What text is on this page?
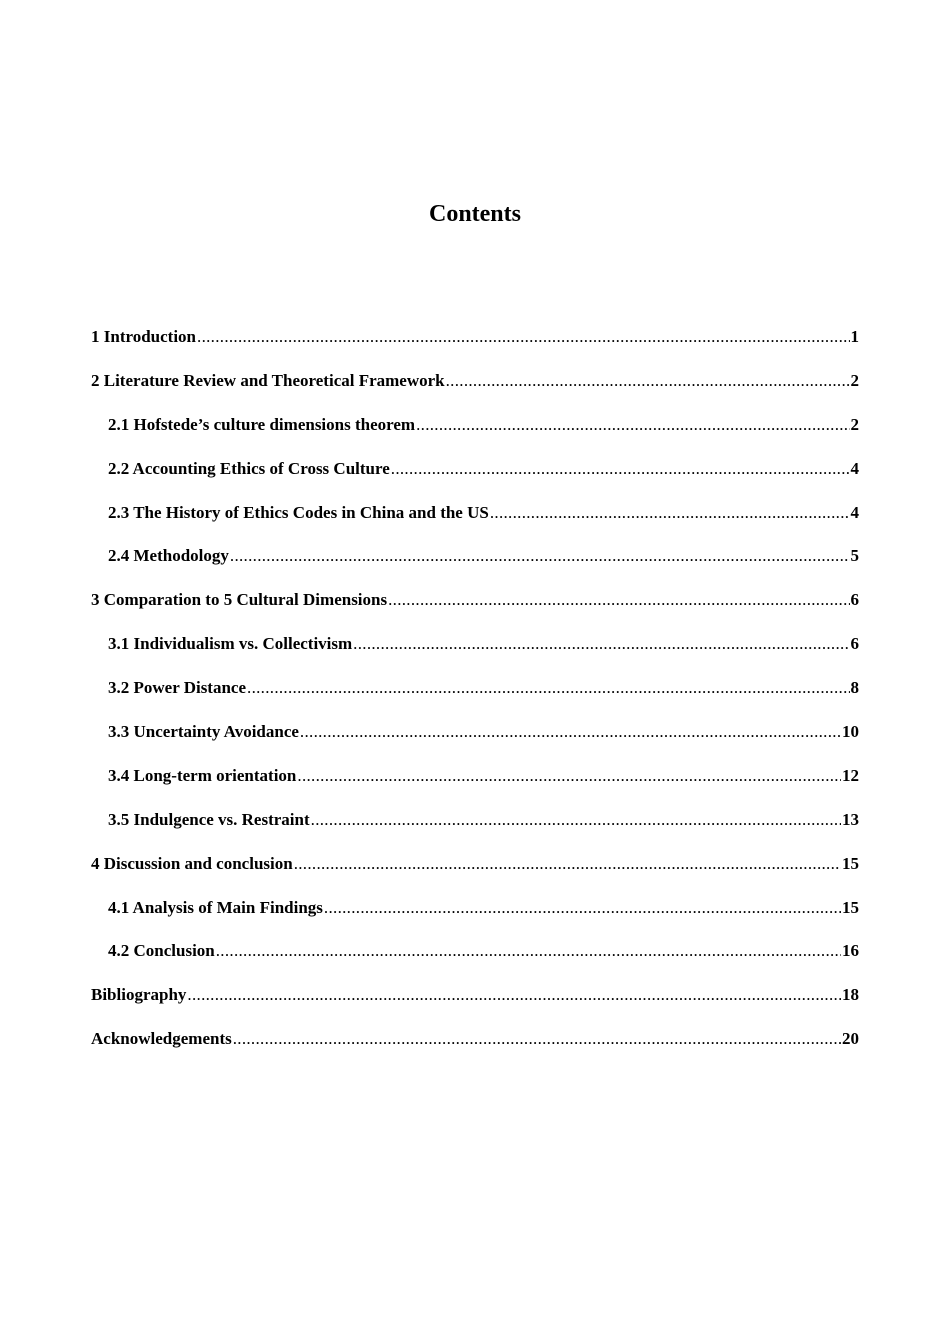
Contents
1 Introduction .....	1
2 Literature Review and Theoretical Framework .....	2
2.1 Hofstede’s culture dimensions theorem .....	2
2.2 Accounting Ethics of Cross Culture .....	4
2.3 The History of Ethics Codes in China and the US .....	4
2.4 Methodology .....	5
3 Comparation to 5 Cultural Dimensions .....	6
3.1 Individualism vs. Collectivism .....	6
3.2 Power Distance .....	8
3.3 Uncertainty Avoidance .....	10
3.4 Long-term orientation .....	12
3.5 Indulgence vs. Restraint .....	13
4 Discussion and conclusion .....	15
4.1 Analysis of Main Findings .....	15
4.2 Conclusion .....	16
Bibliography .....	18
Acknowledgements .....	20
